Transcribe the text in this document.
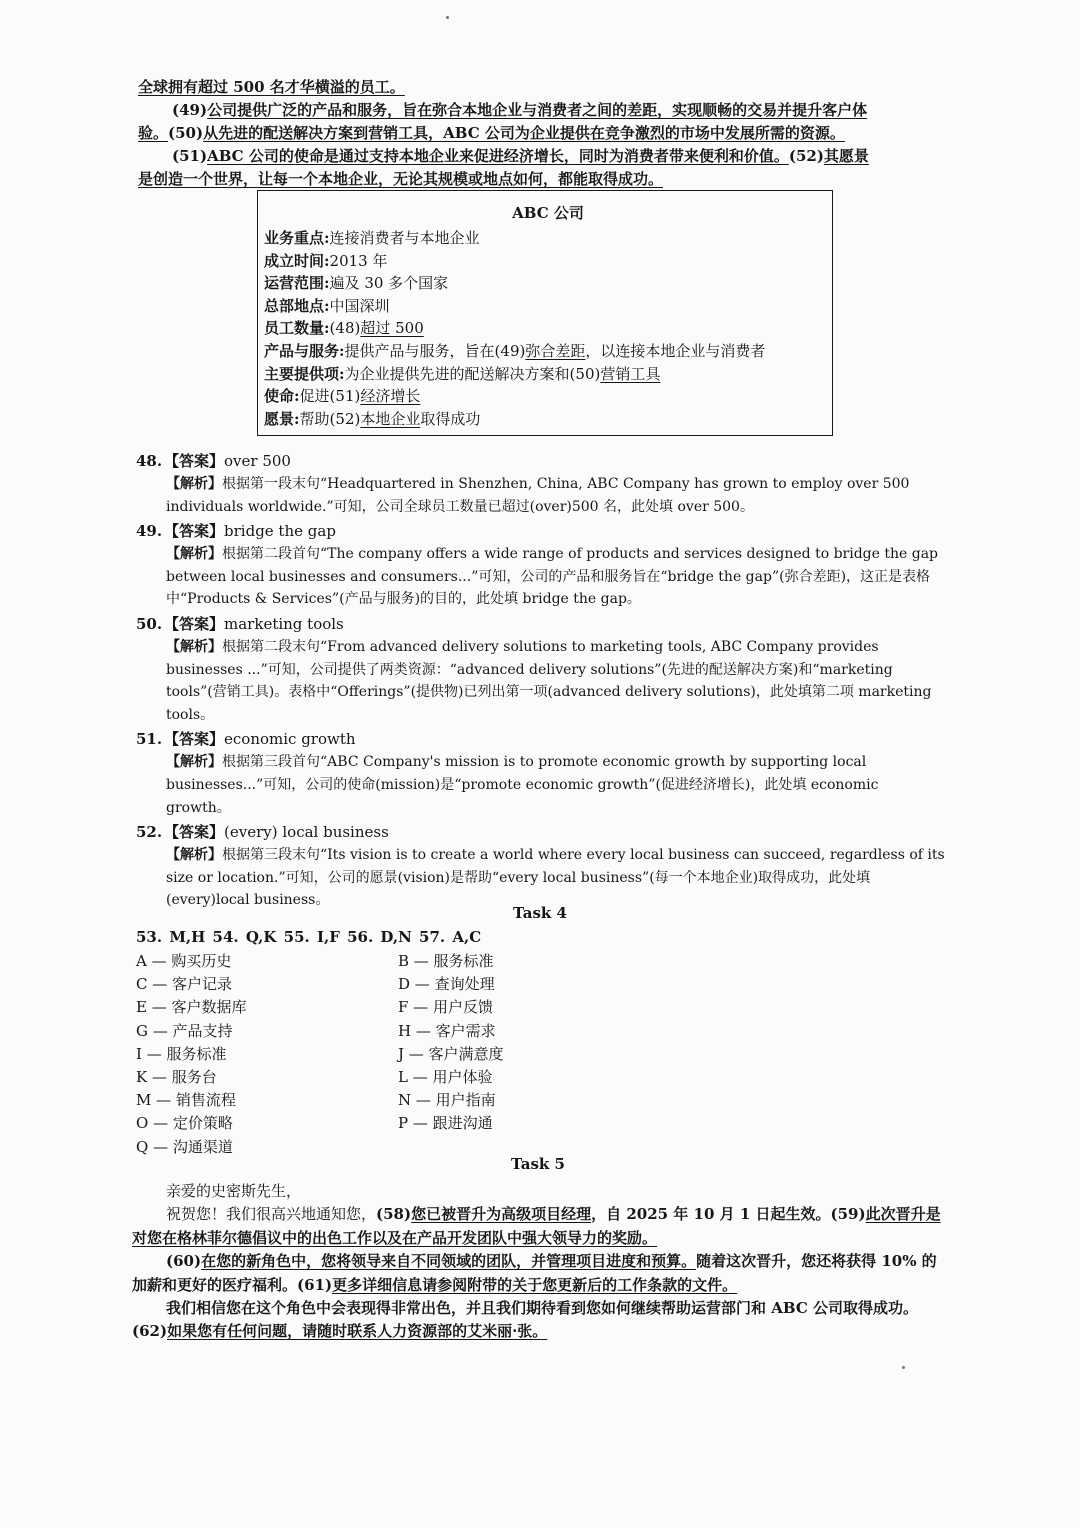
全球拥有超过 500 名才华横溢的员工。
(49)公司提供广泛的产品和服务，旨在弥合本地企业与消费者之间的差距，实现顺畅的交易并提升客户体
验。(50)从先进的配送解决方案到营销工具，ABC 公司为企业提供在竞争激烈的市场中发展所需的资源。
(51)ABC 公司的使命是通过支持本地企业来促进经济增长，同时为消费者带来便利和价值。(52)其愿景
是创造一个世界，让每一个本地企业，无论其规模或地点如何，都能取得成功。
ABC 公司
业务重点:连接消费者与本地企业
成立时间:2013 年
运营范围:遍及 30 多个国家
总部地点:中国深圳
员工数量:(48)超过 500
产品与服务:提供产品与服务，旨在(49)弥合差距，以连接本地企业与消费者
主要提供项:为企业提供先进的配送解决方案和(50)营销工具
使命:促进(51)经济增长
愿景:帮助(52)本地企业取得成功
48. 【答案】over 500
【解析】根据第一段末句“Headquartered in Shenzhen, China, ABC Company has grown to employ over 500 individuals worldwide.”可知，公司全球员工数量已超过(over)500 名，此处填 over 500。
49. 【答案】bridge the gap
【解析】根据第二段首句“The company offers a wide range of products and services designed to bridge the gap between local businesses and consumers...”可知，公司的产品和服务旨在“bridge the gap”(弥合差距)，这正是表格中“Products & Services”(产品与服务)的目的，此处填 bridge the gap。
50. 【答案】marketing tools
【解析】根据第二段末句“From advanced delivery solutions to marketing tools, ABC Company provides businesses ...”可知，公司提供了两类资源：“advanced delivery solutions”(先进的配送解决方案)和“marketing tools”(营销工具)。表格中“Offerings”(提供物)已列出第一项(advanced delivery solutions)，此处填第二项 marketing tools。
51. 【答案】economic growth
【解析】根据第三段首句“ABC Company's mission is to promote economic growth by supporting local businesses...”可知，公司的使命(mission)是“promote economic growth”(促进经济增长)，此处填 economic growth。
52. 【答案】(every) local business
【解析】根据第三段末句“Its vision is to create a world where every local business can succeed, regardless of its size or location.”可知，公司的愿景(vision)是帮助“every local business”(每一个本地企业)取得成功，此处填(every)local business。
Task 4
53. M,H 54. Q,K 55. I,F 56. D,N 57. A,C
A — 购买历史	B — 服务标准
C — 客户记录	D — 查询处理
E — 客户数据库	F — 用户反馈
G — 产品支持	H — 客户需求
I — 服务标准	J — 客户满意度
K — 服务台	L — 用户体验
M — 销售流程	N — 用户指南
O — 定价策略	P — 跟进沟通
Q — 沟通渠道
Task 5

亲爱的史密斯先生，

祝贺您！我们很高兴地通知您，(58)您已被晋升为高级项目经理，自 2025 年 10 月 1 日起生效。(59)此次晋升是对您在格林菲尔德倡议中的出色工作以及在产品开发团队中强大领导力的奖励。

(60)在您的新角色中，您将领导来自不同领域的团队，并管理项目进度和预算。随着这次晋升，您还将获得 10% 的加薪和更好的医疗福利。(61)更多详细信息请参阅附带的关于您更新后的工作条款的文件。

我们相信您在这个角色中会表现得非常出色，并且我们期待看到您如何继续帮助运营部门和 ABC 公司取得成功。(62)如果您有任何问题，请随时联系人力资源部的艾米丽·张。
